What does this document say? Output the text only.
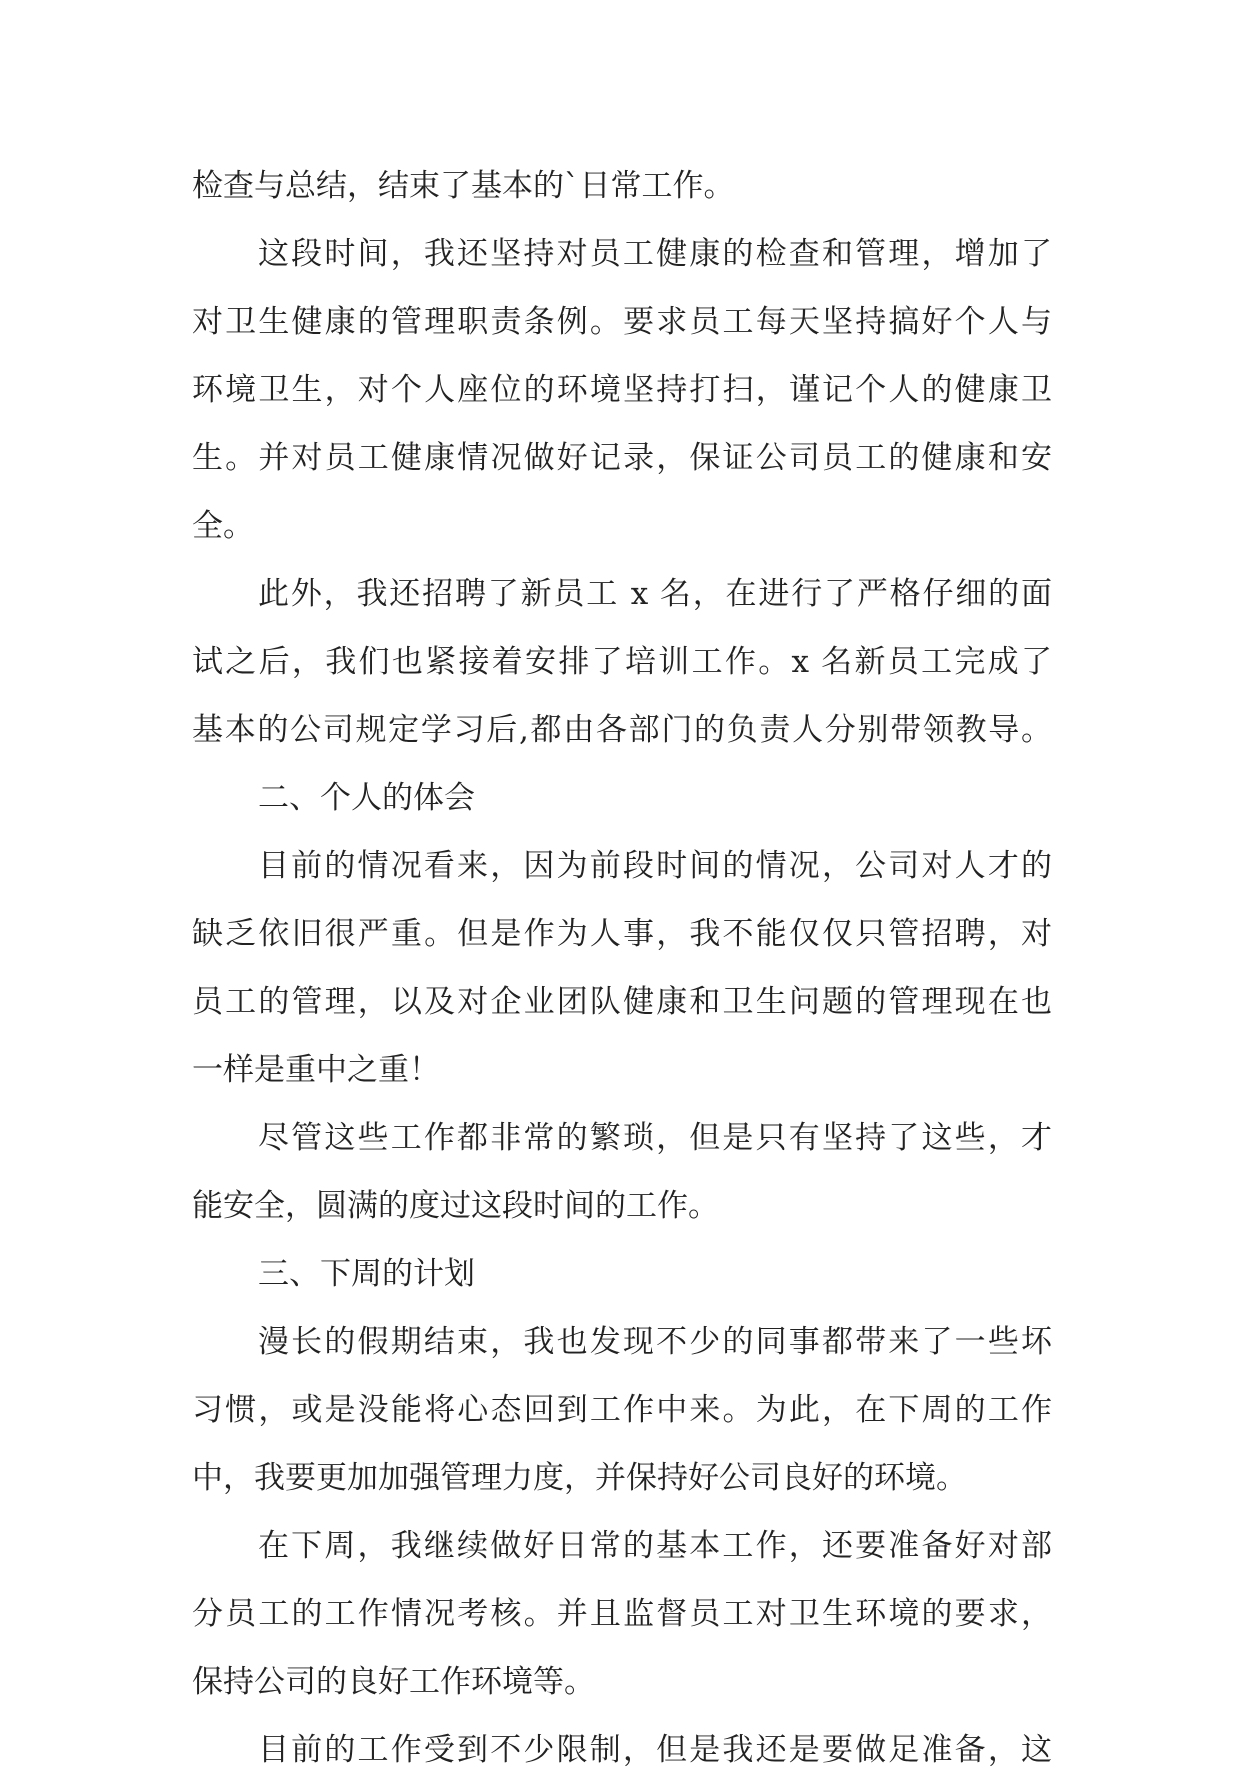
检查与总结，结束了基本的`日常工作。
这段时间，我还坚持对员工健康的检查和管理，增加了
对卫生健康的管理职责条例。要求员工每天坚持搞好个人与
环境卫生，对个人座位的环境坚持打扫，谨记个人的健康卫
生。并对员工健康情况做好记录，保证公司员工的健康和安
全。
此外，我还招聘了新员工 x 名，在进行了严格仔细的面
试之后，我们也紧接着安排了培训工作。x 名新员工完成了
基本的公司规定学习后,都由各部门的负责人分别带领教导。
二、个人的体会
目前的情况看来，因为前段时间的情况，公司对人才的
缺乏依旧很严重。但是作为人事，我不能仅仅只管招聘，对
员工的管理，以及对企业团队健康和卫生问题的管理现在也
一样是重中之重！
尽管这些工作都非常的繁琐，但是只有坚持了这些，才
能安全，圆满的度过这段时间的工作。
三、下周的计划
漫长的假期结束，我也发现不少的同事都带来了一些坏
习惯，或是没能将心态回到工作中来。为此，在下周的工作
中，我要更加加强管理力度，并保持好公司良好的环境。
在下周，我继续做好日常的基本工作，还要准备好对部
分员工的工作情况考核。并且监督员工对卫生环境的要求，
保持公司的良好工作环境等。
目前的工作受到不少限制，但是我还是要做足准备，这
